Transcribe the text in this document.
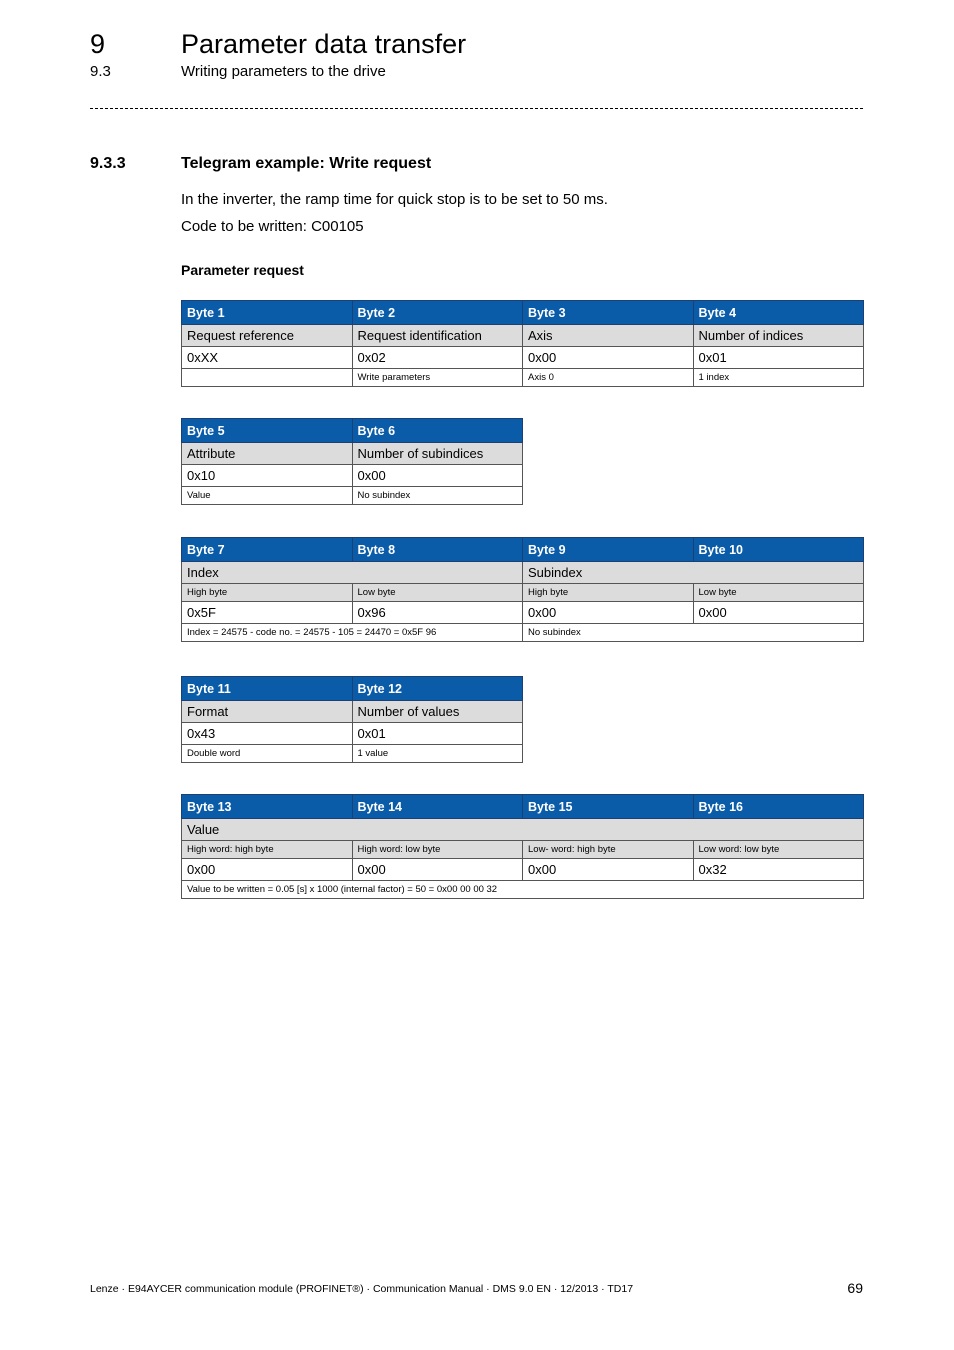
9	Parameter data transfer
9.3	Writing parameters to the drive
9.3.3	Telegram example: Write request
In the inverter, the ramp time for quick stop is to be set to 50 ms.
Code to be written: C00105
Parameter request
Byte 1	Byte 2	Byte 3	Byte 4
Request reference	Request identification	Axis	Number of indices
0xXX	0x02	0x00	0x01
	Write parameters	Axis 0	1 index
Byte 5	Byte 6
Attribute	Number of subindices
0x10	0x00
Value	No subindex
Byte 7	Byte 8	Byte 9	Byte 10
Index		Subindex	
High byte	Low byte	High byte	Low byte
0x5F	0x96	0x00	0x00
Index = 24575 - code no. = 24575 - 105 = 24470 = 0x5F 96		No subindex	
Byte 11	Byte 12
Format	Number of values
0x43	0x01
Double word	1 value
Byte 13	Byte 14	Byte 15	Byte 16
Value			
High word: high byte	High word: low byte	Low- word: high byte	Low word: low byte
0x00	0x00	0x00	0x32
Value to be written = 0.05 [s] x 1000 (internal factor) = 50 = 0x00 00 00 32			
Lenze · E94AYCER communication module (PROFINET®) · Communication Manual · DMS 9.0 EN · 12/2013 · TD17	69
